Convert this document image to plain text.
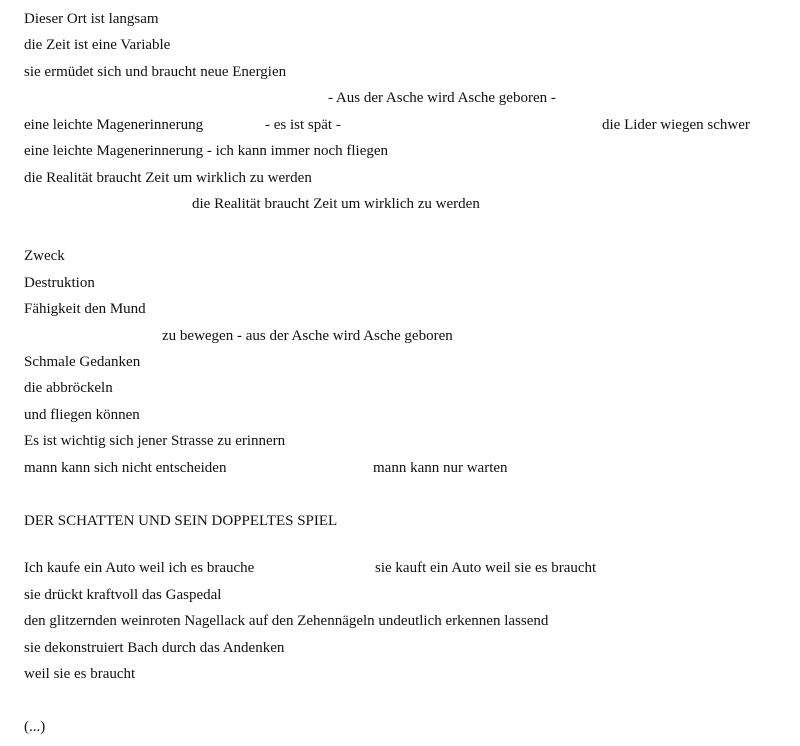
Dieser Ort ist langsam
die Zeit ist eine Variable
sie ermüdet sich und braucht neue Energien
- Aus der Asche wird Asche geboren -
eine leichte Magenerinnerung	- es ist spät -	die Lider wiegen schwer
eine leichte Magenerinnerung - ich kann immer noch fliegen
die Realität braucht Zeit um wirklich zu werden
die Realität braucht Zeit um wirklich zu werden
Zweck
Destruktion
Fähigkeit den Mund
zu bewegen - aus der Asche wird Asche geboren
Schmale Gedanken
die abbröckeln
und fliegen können
Es ist wichtig sich jener Strasse zu erinnern
mann kann sich nicht entscheiden	mann kann nur warten
DER SCHATTEN UND SEIN DOPPELTES SPIEL
Ich kaufe ein Auto weil ich es brauche	sie kauft ein Auto weil sie es braucht
sie drückt kraftvoll das Gaspedal
den glitzernden weinroten Nagellack auf den Zehennägeln undeutlich erkennen lassend
sie dekonstruiert Bach durch das Andenken
weil sie es braucht
(...)
